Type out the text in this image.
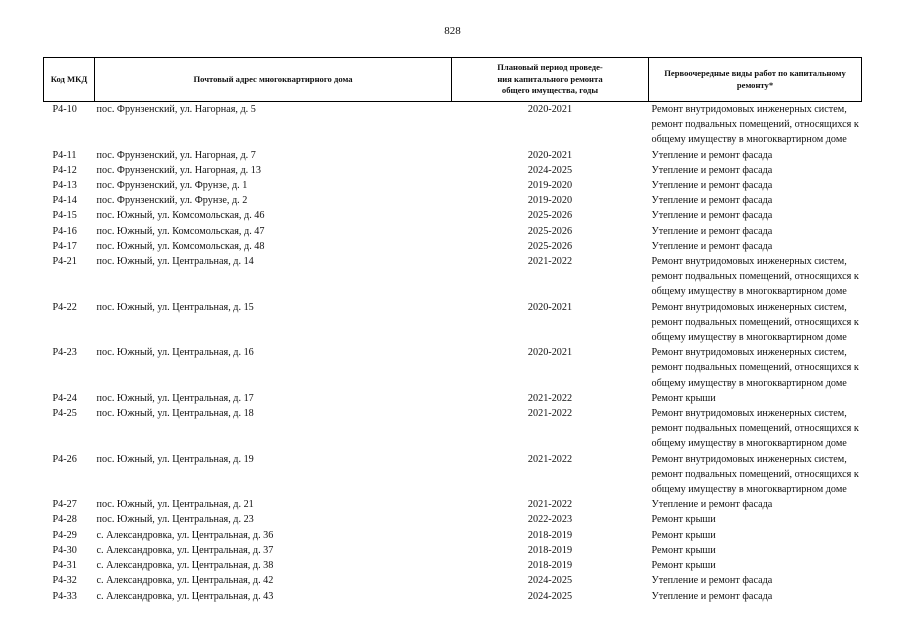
828
Код МКД	Почтовый адрес многоквартирного дома	Плановый период проведе-
ния капитального ремонта
общего имущества, годы	Первоочередные виды работ по капитальному
ремонту*
Р4-10	пос. Фрунзенский, ул. Нагорная, д. 5	2020-2021	Ремонт внутридомовых инженерных систем,
ремонт подвальных помещений, относящихся к
общему имуществу в многоквартирном доме
Р4-11	пос. Фрунзенский, ул. Нагорная, д. 7	2020-2021	Утепление и ремонт фасада
Р4-12	пос. Фрунзенский, ул. Нагорная, д. 13	2024-2025	Утепление и ремонт фасада
Р4-13	пос. Фрунзенский, ул. Фрунзе, д. 1	2019-2020	Утепление и ремонт фасада
Р4-14	пос. Фрунзенский, ул. Фрунзе, д. 2	2019-2020	Утепление и ремонт фасада
Р4-15	пос. Южный, ул. Комсомольская, д. 46	2025-2026	Утепление и ремонт фасада
Р4-16	пос. Южный, ул. Комсомольская, д. 47	2025-2026	Утепление и ремонт фасада
Р4-17	пос. Южный, ул. Комсомольская, д. 48	2025-2026	Утепление и ремонт фасада
Р4-21	пос. Южный, ул. Центральная, д. 14	2021-2022	Ремонт внутридомовых инженерных систем,
ремонт подвальных помещений, относящихся к
общему имуществу в многоквартирном доме
Р4-22	пос. Южный, ул. Центральная, д. 15	2020-2021	Ремонт внутридомовых инженерных систем,
ремонт подвальных помещений, относящихся к
общему имуществу в многоквартирном доме
Р4-23	пос. Южный, ул. Центральная, д. 16	2020-2021	Ремонт внутридомовых инженерных систем,
ремонт подвальных помещений, относящихся к
общему имуществу в многоквартирном доме
Р4-24	пос. Южный, ул. Центральная, д. 17	2021-2022	Ремонт крыши
Р4-25	пос. Южный, ул. Центральная, д. 18	2021-2022	Ремонт внутридомовых инженерных систем,
ремонт подвальных помещений, относящихся к
общему имуществу в многоквартирном доме
Р4-26	пос. Южный, ул. Центральная, д. 19	2021-2022	Ремонт внутридомовых инженерных систем,
ремонт подвальных помещений, относящихся к
общему имуществу в многоквартирном доме
Р4-27	пос. Южный, ул. Центральная, д. 21	2021-2022	Утепление и ремонт фасада
Р4-28	пос. Южный, ул. Центральная, д. 23	2022-2023	Ремонт крыши
Р4-29	с. Александровка, ул. Центральная, д. 36	2018-2019	Ремонт крыши
Р4-30	с. Александровка, ул. Центральная, д. 37	2018-2019	Ремонт крыши
Р4-31	с. Александровка, ул. Центральная, д. 38	2018-2019	Ремонт крыши
Р4-32	с. Александровка, ул. Центральная, д. 42	2024-2025	Утепление и ремонт фасада
Р4-33	с. Александровка, ул. Центральная, д. 43	2024-2025	Утепление и ремонт фасада
